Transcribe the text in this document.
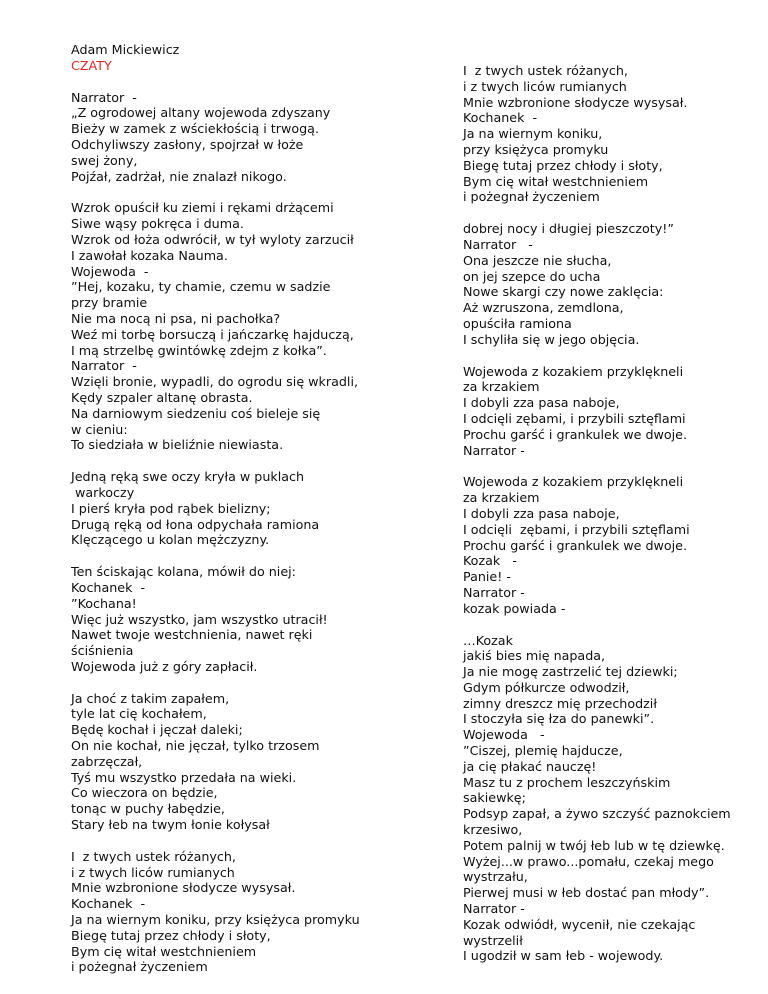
Adam Mickiewicz
CZATY
Narrator  -
„Z ogrodowej altany wojewoda zdyszany
Bieży w zamek z wściekłością i trwogą.
Odchyliwszy zasłony, spojrzał w łoże
swej żony,
Pojźał, zadrżał, nie znalazł nikogo.
Wzrok opuścił ku ziemi i rękami drżącemi
Siwe wąsy pokręca i duma.
Wzrok od łoża odwrócił, w tył wyloty zarzucił
I zawołał kozaka Nauma.
Wojewoda  -
”Hej, kozaku, ty chamie, czemu w sadzie
przy bramie
Nie ma nocą ni psa, ni pachołka?
Weź mi torbę borsuczą i jańczarkę hajduczą,
I mą strzelbę gwintówkę zdejm z kołka”.
Narrator  -
Wzięli bronie, wypadli, do ogrodu się wkradli,
Kędy szpaler altanę obrasta.
Na darniowym siedzeniu coś bieleje się
w cieniu:
To siedziała w bieliźnie niewiasta.
Jedną ręką swe oczy kryła w puklach
warkoczy
I pierś kryła pod rąbek bielizny;
Drugą ręką od łona odpychała ramiona
Klęczącego u kolan mężczyzny.
Ten ściskając kolana, mówił do niej:
Kochanek  -
”Kochana!
Więc już wszystko, jam wszystko utracił!
Nawet twoje westchnienia, nawet ręki
ściśnienia
Wojewoda już z góry zapłacił.
Ja choć z takim zapałem,
tyle lat cię kochałem,
Będę kochał i jęczał daleki;
On nie kochał, nie jęczał, tylko trzosem
zabrzęczał,
Tyś mu wszystko przedała na wieki.
Co wieczora on będzie,
tonąc w puchy łabędzie,
Stary łeb na twym łonie kołysał
I  z twych ustek różanych,
i z twych liców rumianych
Mnie wzbronione słodycze wysysał.
Kochanek  -
Ja na wiernym koniku, przy księżyca promyku
Biegę tutaj przez chłody i słoty,
Bym cię witał westchnieniem
i pożegnał życzeniem
I  z twych ustek różanych,
i z twych liców rumianych
Mnie wzbronione słodycze wysysał.
Kochanek  -
Ja na wiernym koniku,
przy księżyca promyku
Biegę tutaj przez chłody i słoty,
Bym cię witał westchnieniem
i pożegnał życzeniem
dobrej nocy i długiej pieszczoty!”
Narrator   -
Ona jeszcze nie słucha,
on jej szepce do ucha
Nowe skargi czy nowe zaklęcia:
Aż wzruszona, zemdlona,
opuściła ramiona
I schyliła się w jego objęcia.
Wojewoda z kozakiem przyklękneli
za krzakiem
I dobyli zza pasa naboje,
I odcięli zębami, i przybili sztęflami
Prochu garść i grankulek we dwoje.
Narrator -
Wojewoda z kozakiem przyklękneli
za krzakiem
I dobyli zza pasa naboje,
I odcięli  zębami, i przybili sztęflami
Prochu garść i grankulek we dwoje.
Kozak   -
Panie! -
Narrator -
kozak powiada -
…Kozak
jakiś bies mię napada,
Ja nie mogę zastrzelić tej dziewki;
Gdym półkurcze odwodził,
zimny dreszcz mię przechodził
I stoczyła się łza do panewki”.
Wojewoda   -
”Ciszej, plemię hajducze,
ja cię płakać nauczę!
Masz tu z prochem leszczyńskim
sakiewkę;
Podsyp zapał, a żywo szczyść paznokciem
krzesiwo,
Potem palnij w twój łeb lub w tę dziewkę.
Wyżej...w prawo...pomału, czekaj mego
wystrzału,
Pierwej musi w łeb dostać pan młody”.
Narrator -
Kozak odwiódł, wycenił, nie czekając
wystrzelił
I ugodził w sam łeb - wojewody.
